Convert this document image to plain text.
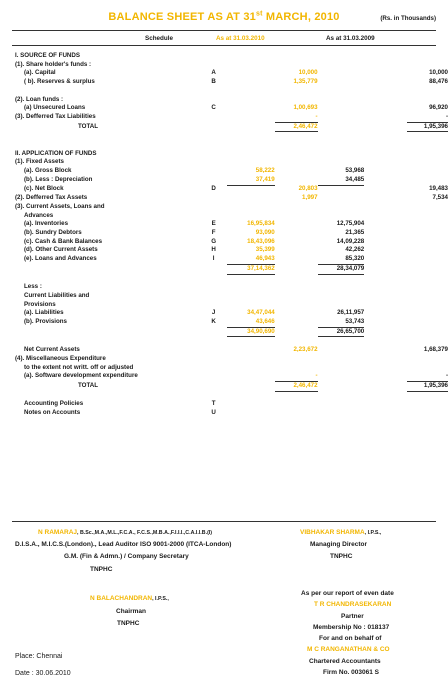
BALANCE SHEET AS AT 31st MARCH, 2010	(Rs. in Thousands)
Schedule	As at 31.03.2010	As at 31.03.2009
I. SOURCE OF FUNDS						
(1). Share holder's funds :						
(a). Capital	A		10,000			10,000
( b). Reserves & surplus	B		1,35,779			88,476

(2). Loan funds :						
(a) Unsecured Loans	C		1,00,693			96,920
(3). Defferred Tax Liabilities			-			-
TOTAL			2,46,472			1,95,396

II. APPLICATION OF FUNDS						
(1). Fixed Assets						
(a). Gross Block		58,222		53,968		
(b). Less : Depreciation		37,419		34,485		
(c). Net Block	D		20,803			19,483
(2). Defferred Tax Assets			1,997			7,534
(3). Current Assets, Loans and						
Advances						
(a). Inventories	E	16,95,834		12,75,904		
(b). Sundry Debtors	F	93,090		21,365		
(c). Cash & Bank Balances	G	18,43,096		14,09,228		
(d). Other Current Assets	H	35,399		42,262		
(e). Loans and Advances	I	46,943		85,320		
		37,14,362		28,34,079		

Less :						
Current Liabilities and						
Provisions						
(a). Liabilities	J	34,47,044		26,11,957		
(b). Provisions	K	43,646		53,743		
		34,90,690		26,65,700		

Net Current Assets			2,23,672			1,68,379
(4). Miscellaneous Expenditure						
to the extent not writt. off or adjusted						
(a). Software development expenditure			-			-
TOTAL			2,46,472			1,95,396

Accounting Policies	T					
Notes on Accounts	U					
N RAMARAJ, B.Sc.,M.A.,M.L.,F.C.A., F.C.S.,M.B.A.,F.I.I.I.,C.A.I.I.B.(I)
D.I.S.A., M.I.C.S.(London)., Lead Auditor ISO 9001-2000 (ITCA-London)
G.M. (Fin & Admn.) / Company Secretary
TNPHC
VIBHAKAR SHARMA, I.P.S.,
Managing Director
TNPHC
N BALACHANDRAN, I.P.S.,
Chairman
TNPHC
As per our report of even date
T R CHANDRASEKARAN
Partner
Membership No : 018137
For and on behalf of
M C RANGANATHAN & CO
Chartered Accountants
Firm No. 003061 S
Place: Chennai
Date : 30.06.2010
